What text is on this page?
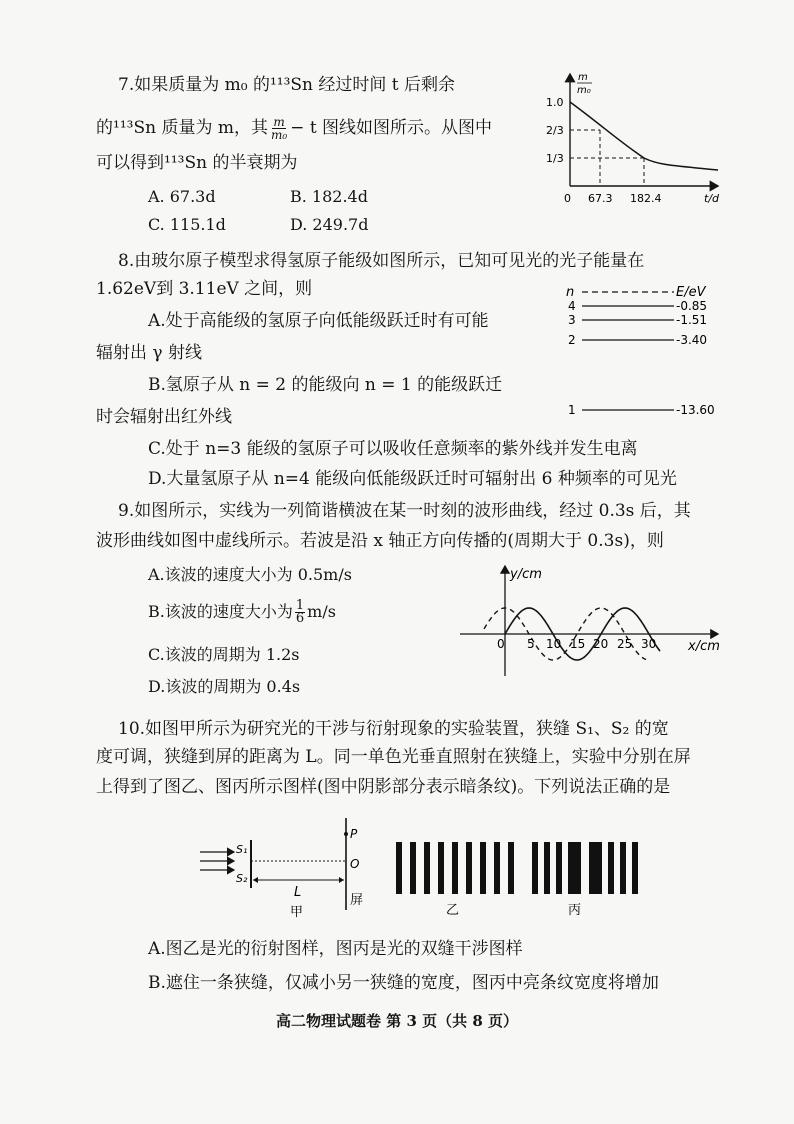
7.如果质量为 m₀ 的¹¹³Sn 经过时间 t 后剩余
的¹¹³Sn 质量为 m，其 $\frac{m}{\text{m₀}} - t$ 图线如图所示。从图中
可以得到¹¹³Sn 的半衰期为
A. 67.3d	B. 182.4d
C. 115.1d	D. 249.7d
m
m₀
1.0
2/3
1/3
0 67.3 182.4	t/d
8.由玻尔原子模型求得氢原子能级如图所示，已知可见光的光子能量在
1.62eV到 3.11eV 之间，则
A.处于高能级的氢原子向低能级跃迁时有可能
辐射出 γ 射线
B.氢原子从 n = 2 的能级向 n = 1 的能级跃迁
时会辐射出红外线
C.处于 n=3 能级的氢原子可以吸收任意频率的紫外线并发生电离
D.大量氢原子从 n=4 能级向低能级跃迁时可辐射出 6 种频率的可见光
n	E/eV
4	-0.85
3	-1.51
2	-3.40
1	-13.60
9.如图所示，实线为一列简谐横波在某一时刻的波形曲线，经过 0.3s 后，其
波形曲线如图中虚线所示。若波是沿 x 轴正方向传播的(周期大于 0.3s)，则
A.该波的速度大小为 0.5m/s
B.该波的速度大小为 $\frac{1}{6} m/s$
C.该波的周期为 1.2s
D.该波的周期为 0.4s
y/cm
x/cm
0 5 10 15 20 25 30
10.如图甲所示为研究光的干涉与衍射现象的实验装置，狭缝 S₁、S₂ 的宽
度可调，狭缝到屏的距离为 L。同一单色光垂直照射在狭缝上，实验中分别在屏
上得到了图乙、图丙所示图样(图中阴影部分表示暗条纹)。下列说法正确的是
S₁
S₂
P
O
L
甲
屏
乙	丙
A.图乙是光的衍射图样，图丙是光的双缝干涉图样
B.遮住一条狭缝，仅减小另一狭缝的宽度，图丙中亮条纹宽度将增加
高二物理试题卷 第 3 页（共 8 页）
